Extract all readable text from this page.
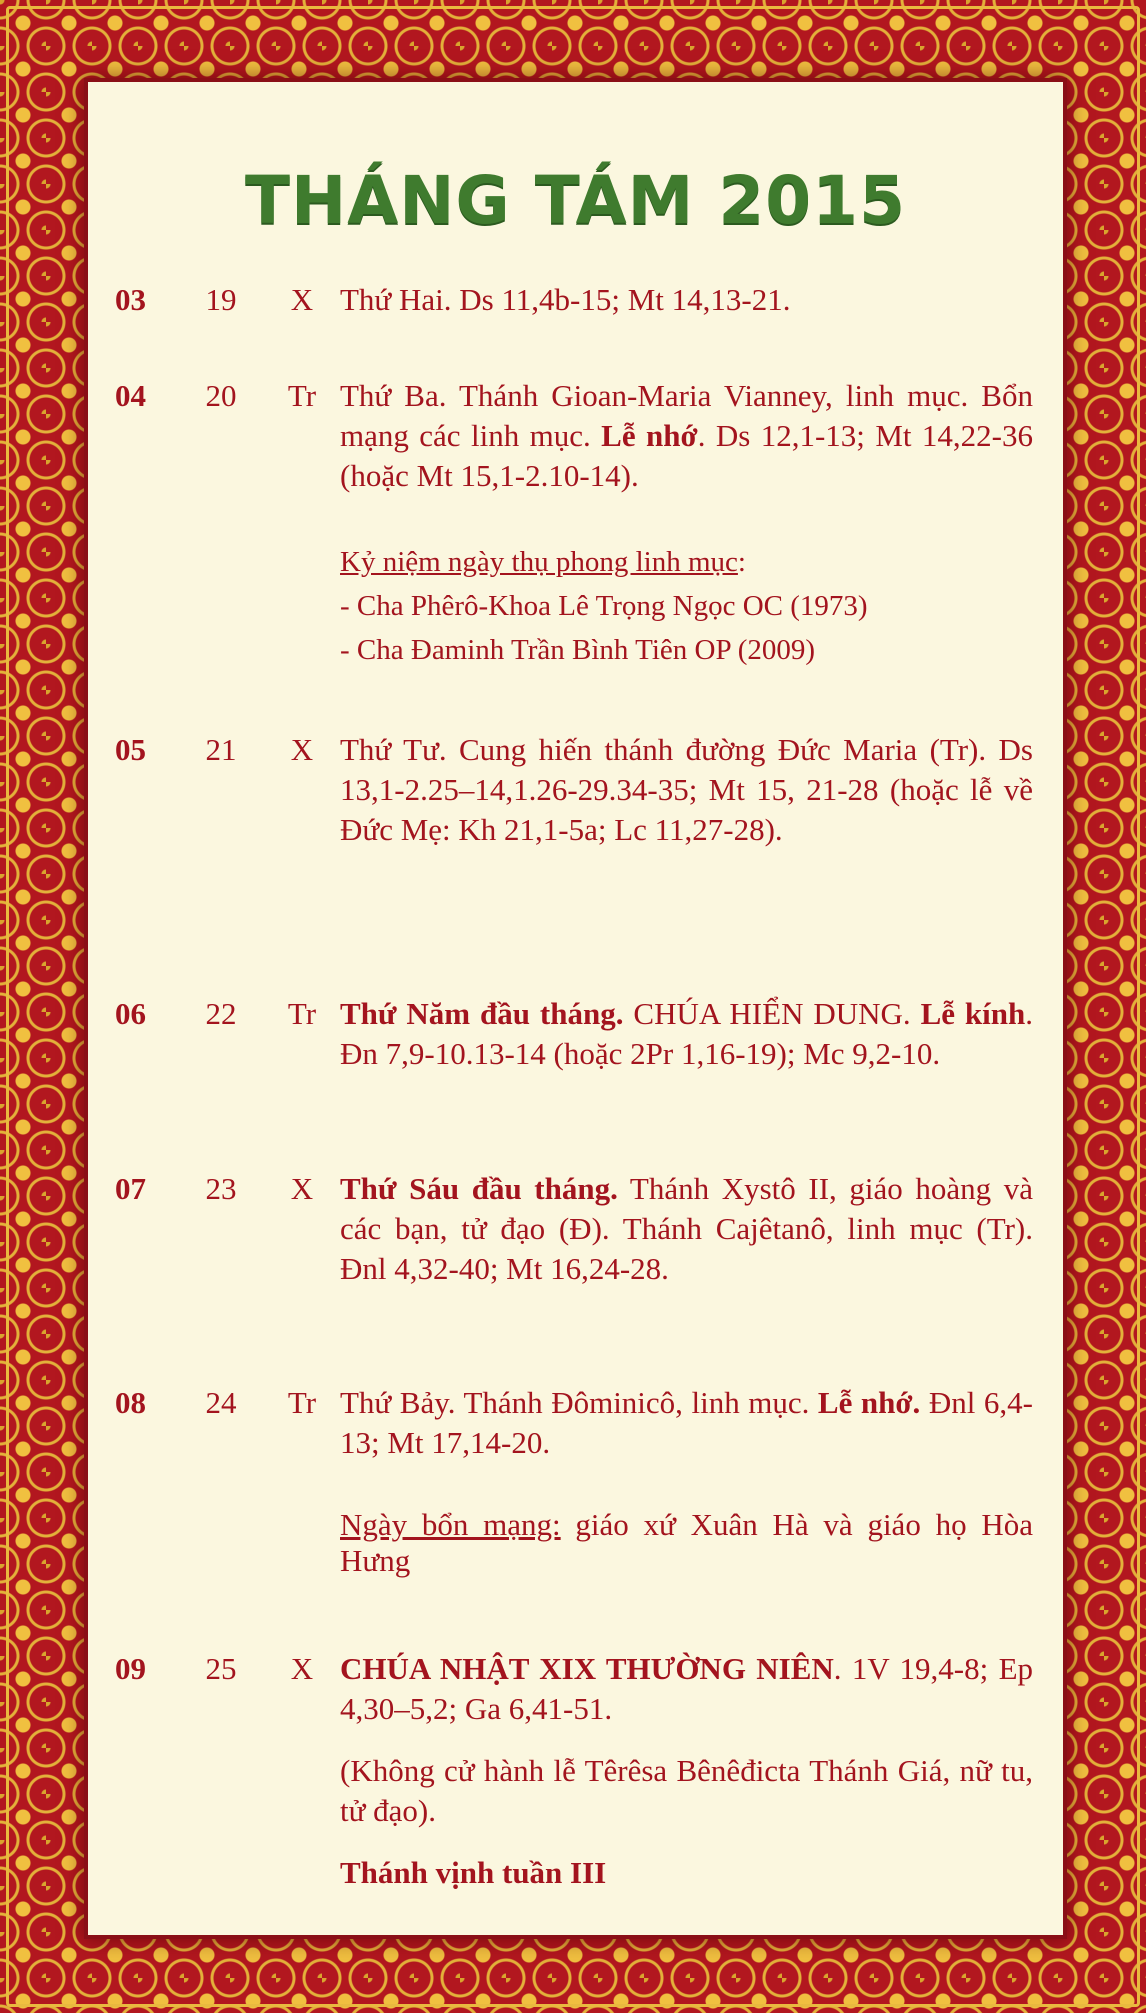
THÁNG TÁM 2015
03	19	X Thứ Hai. Ds 11,4b-15; Mt 14,13-21.

04	20	Tr Thứ Ba. Thánh Gioan-Maria Vianney, linh mục. Bổn mạng các linh mục. Lễ nhớ. Ds 12,1-13; Mt 14,22-36 (hoặc Mt 15,1-2.10-14).

Kỷ niệm ngày thụ phong linh mục:

- Cha Phêrô-Khoa Lê Trọng Ngọc OC (1973)

- Cha Đaminh Trần Bình Tiên OP (2009)

05	21	X Thứ Tư. Cung hiến thánh đường Đức Maria (Tr). Ds 13,1-2.25–14,1.26-29.34-35; Mt 15, 21-28 (hoặc lễ về Đức Mẹ: Kh 21,1-5a; Lc 11,27-28).

06	22	Tr Thứ Năm đầu tháng. CHÚA HIỂN DUNG. Lễ kính. Đn 7,9-10.13-14 (hoặc 2Pr 1,16-19); Mc 9,2-10.

07	23	X Thứ Sáu đầu tháng. Thánh Xystô II, giáo hoàng và các bạn, tử đạo (Đ). Thánh Cajêtanô, linh mục (Tr). Đnl 4,32-40; Mt 16,24-28.

08	24	Tr Thứ Bảy. Thánh Đôminicô, linh mục. Lễ nhớ. Đnl 6,4-13; Mt 17,14-20.

Ngày bổn mạng: giáo xứ Xuân Hà và giáo họ Hòa Hưng

09	25	X CHÚA NHẬT XIX THƯỜNG NIÊN. 1V 19,4-8; Ep 4,30–5,2; Ga 6,41-51.

(Không cử hành lễ Têrêsa Bênêđicta Thánh Giá, nữ tu, tử đạo).

Thánh vịnh tuần III
